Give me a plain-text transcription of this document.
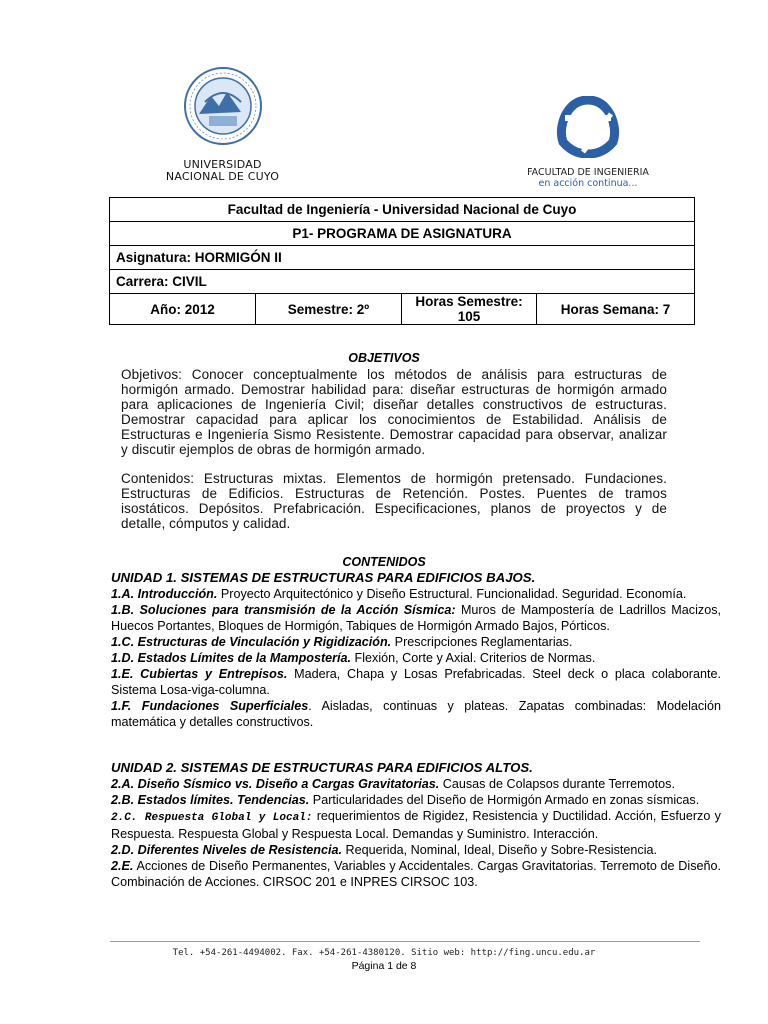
UNIVERSIDAD
NACIONAL DE CUYO	FACULTAD DE INGENIERIA
en acción continua...
Facultad de Ingeniería - Universidad Nacional de Cuyo
P1- PROGRAMA DE ASIGNATURA
Asignatura: HORMIGÓN II
Carrera: CIVIL
Año: 2012	Semestre: 2º	Horas Semestre: 105	Horas Semana: 7
OBJETIVOS
Objetivos: Conocer conceptualmente los métodos de análisis para estructuras de hormigón armado. Demostrar habilidad para: diseñar estructuras de hormigón armado para aplicaciones de Ingeniería Civil; diseñar detalles constructivos de estructuras. Demostrar capacidad para aplicar los conocimientos de Estabilidad. Análisis de Estructuras e Ingeniería Sismo Resistente. Demostrar capacidad para observar, analizar y discutir ejemplos de obras de hormigón armado.
Contenidos: Estructuras mixtas. Elementos de hormigón pretensado. Fundaciones. Estructuras de Edificios. Estructuras de Retención. Postes. Puentes de tramos isostáticos. Depósitos. Prefabricación. Especificaciones, planos de proyectos y de detalle, cómputos y calidad.
CONTENIDOS

UNIDAD 1. SISTEMAS DE ESTRUCTURAS PARA EDIFICIOS BAJOS.

1.A. Introducción. Proyecto Arquitectónico y Diseño Estructural. Funcionalidad. Seguridad. Economía.

1.B. Soluciones para transmisión de la Acción Sísmica: Muros de Mampostería de Ladrillos Macizos, Huecos Portantes, Bloques de Hormigón, Tabiques de Hormigón Armado Bajos, Pórticos.

1.C. Estructuras de Vinculación y Rigidización. Prescripciones Reglamentarias.

1.D. Estados Límites de la Mampostería. Flexión, Corte y Axial. Criterios de Normas.

1.E. Cubiertas y Entrepisos. Madera, Chapa y Losas Prefabricadas. Steel deck o placa colaborante. Sistema Losa-viga-columna.

1.F. Fundaciones Superficiales. Aisladas, continuas y plateas. Zapatas combinadas: Modelación matemática y detalles constructivos.

UNIDAD 2. SISTEMAS DE ESTRUCTURAS PARA EDIFICIOS ALTOS.

2.A. Diseño Sísmico vs. Diseño a Cargas Gravitatorias. Causas de Colapsos durante Terremotos.

2.B. Estados límites. Tendencias. Particularidades del Diseño de Hormigón Armado en zonas sísmicas.

2.C. Respuesta Global y Local: requerimientos de Rigidez, Resistencia y Ductilidad. Acción, Esfuerzo y Respuesta. Respuesta Global y Respuesta Local. Demandas y Suministro. Interacción.

2.D. Diferentes Niveles de Resistencia. Requerida, Nominal, Ideal, Diseño y Sobre-Resistencia.

2.E. Acciones de Diseño Permanentes, Variables y Accidentales. Cargas Gravitatorias. Terremoto de Diseño. Combinación de Acciones. CIRSOC 201 e INPRES CIRSOC 103.

Tel. +54-261-4494002. Fax. +54-261-4380120. Sitio web: http://fing.uncu.edu.ar
Página 1 de 8
